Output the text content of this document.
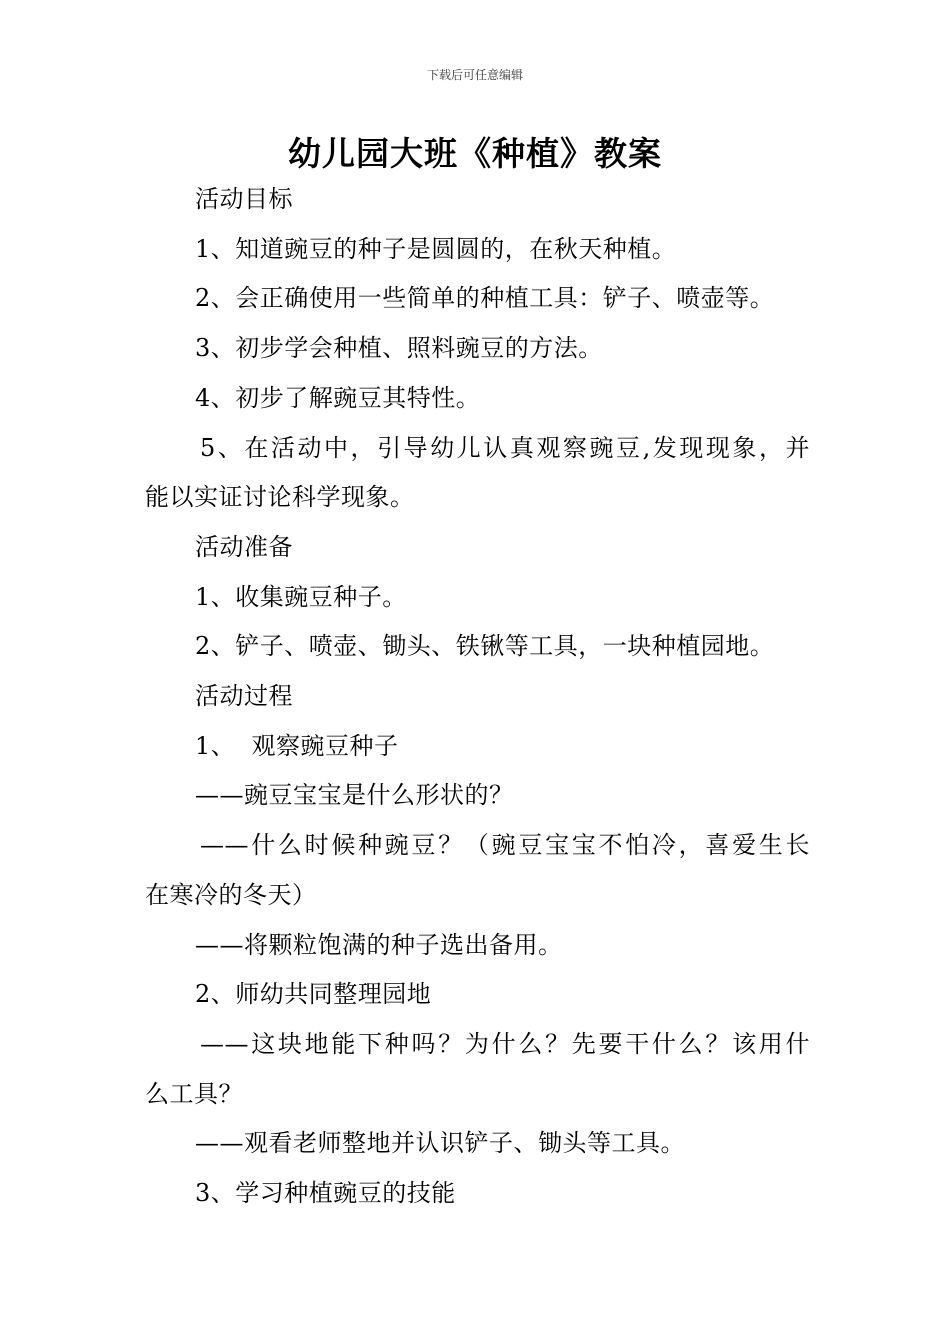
下载后可任意编辑
幼儿园大班《种植》教案
活动目标
1、知道豌豆的种子是圆圆的，在秋天种植。
2、会正确使用一些简单的种植工具：铲子、喷壶等。
3、初步学会种植、照料豌豆的方法。
4、初步了解豌豆其特性。
5、在活动中，引导幼儿认真观察豌豆,发现现象，并
能以实证讨论科学现象。
活动准备
1、收集豌豆种子。
2、铲子、喷壶、锄头、铁锹等工具，一块种植园地。
活动过程
1、  观察豌豆种子
——豌豆宝宝是什么形状的？
——什么时候种豌豆？（豌豆宝宝不怕冷，喜爱生长
在寒冷的冬天）
——将颗粒饱满的种子选出备用。
2、师幼共同整理园地
——这块地能下种吗？为什么？先要干什么？该用什
么工具？
——观看老师整地并认识铲子、锄头等工具。
3、学习种植豌豆的技能
